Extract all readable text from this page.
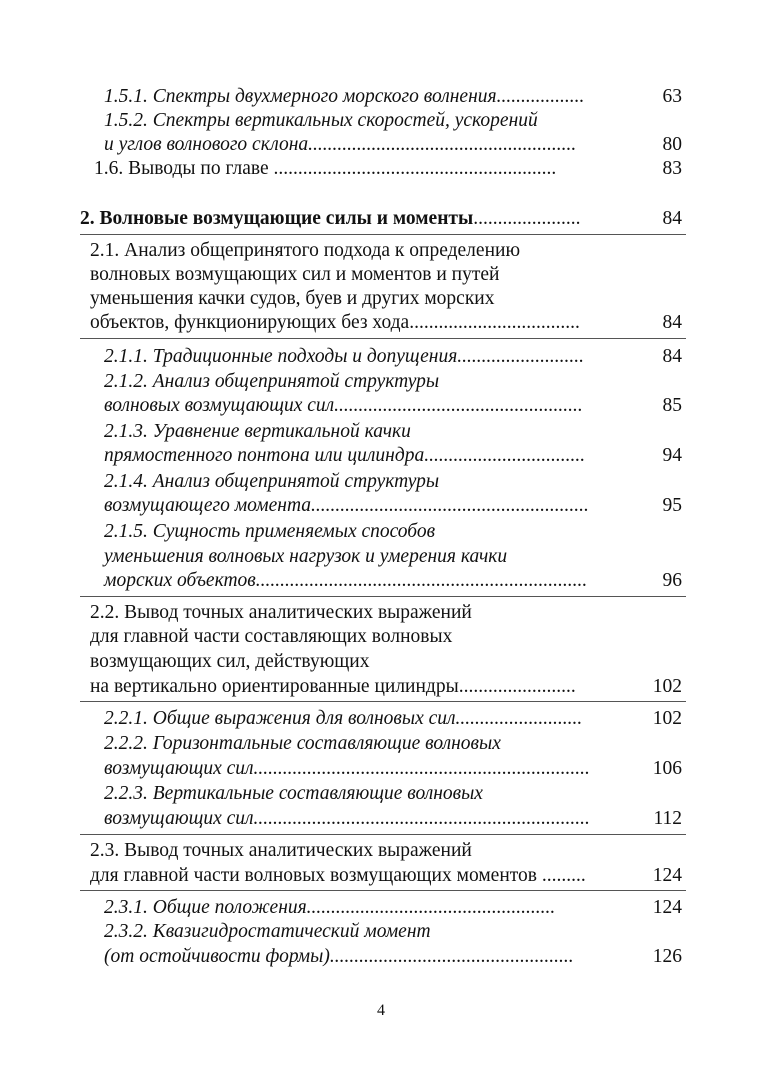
1.5.1. Спектры двухмерного морского волнения..................	63
1.5.2. Спектры вертикальных скоростей, ускорений
и углов волнового склона.......................................................	80
1.6. Выводы по главе ..........................................................	83
2. Волновые возмущающие силы и моменты......................	84
2.1. Анализ общепринятого подхода к определению
волновых возмущающих сил и моментов и путей
уменьшения качки судов, буев и других морских
объектов, функционирующих без хода...................................	84
2.1.1. Традиционные подходы и допущения..........................	84
2.1.2. Анализ общепринятой структуры
волновых возмущающих сил...................................................	85
2.1.3. Уравнение вертикальной качки
прямостенного понтона или цилиндра.................................	94
2.1.4. Анализ общепринятой структуры
возмущающего момента.........................................................	95
2.1.5. Сущность применяемых способов
уменьшения волновых нагрузок и умерения качки
морских объектов....................................................................	96
2.2. Вывод точных аналитических выражений
для главной части составляющих волновых
возмущающих сил, действующих
на вертикально ориентированные цилиндры........................	102
2.2.1. Общие выражения для волновых сил..........................	102
2.2.2. Горизонтальные составляющие волновых
возмущающих сил.....................................................................	106
2.2.3. Вертикальные составляющие волновых
возмущающих сил.....................................................................	112
2.3. Вывод точных аналитических выражений
для главной части волновых возмущающих моментов .........	124
2.3.1. Общие положения...................................................	124
2.3.2. Квазигидростатический момент
(от остойчивости формы)..................................................	126
4
